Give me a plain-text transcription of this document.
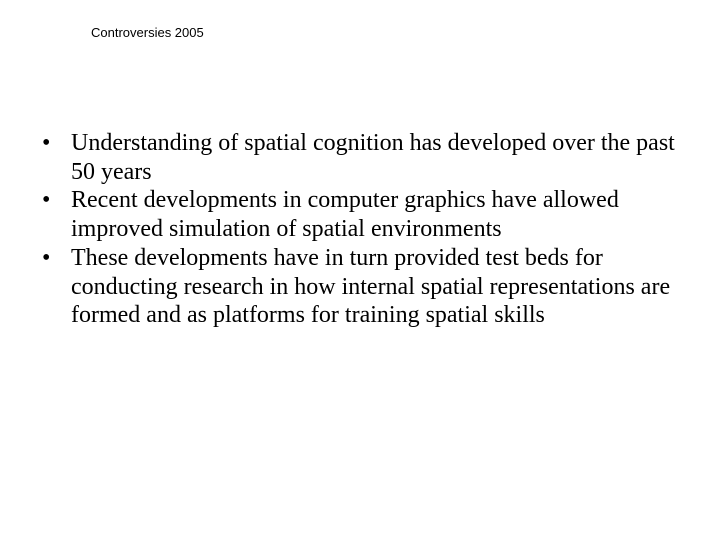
Controversies 2005
• Understanding of spatial cognition has developed over the past 50 years
• Recent developments in computer graphics have allowed improved simulation of spatial environments
• These developments have in turn provided test beds for conducting research in how internal spatial representations are formed and as platforms for training spatial skills
